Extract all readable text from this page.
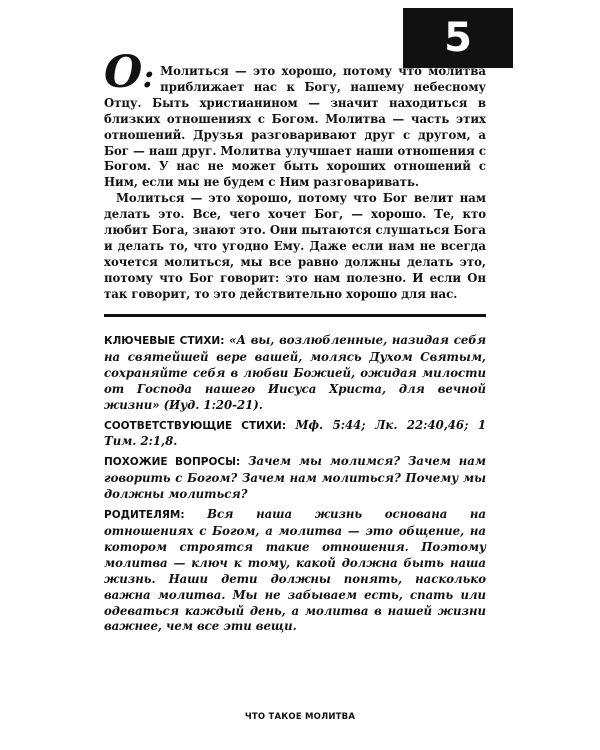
5
О: Молиться — это хорошо, потому что молитва приближает нас к Богу, нашему небесному Отцу. Быть христианином — значит находиться в близких отношениях с Богом. Молитва — часть этих отношений. Друзья разговаривают друг с другом, а Бог — наш друг. Молитва улучшает наши отношения с Богом. У нас не может быть хороших отношений с Ним, если мы не будем с Ним разговаривать.

Молиться — это хорошо, потому что Бог велит нам делать это. Все, чего хочет Бог, — хорошо. Те, кто любит Бога, знают это. Они пытаются слушаться Бога и делать то, что угодно Ему. Даже если нам не всегда хочется молиться, мы все равно должны делать это, потому что Бог говорит: это нам полезно. И если Он так говорит, то это действительно хорошо для нас.

КЛЮЧЕВЫЕ СТИХИ: «А вы, возлюбленные, назидая себя на святейшей вере вашей, молясь Духом Святым, сохраняйте себя в любви Божией, ожидая милости от Господа нашего Иисуса Христа, для вечной жизни» (Иуд. 1:20-21).

СООТВЕТСТВУЮЩИЕ СТИХИ: Мф. 5:44; Лк. 22:40,46; 1 Тим. 2:1,8.

ПОХОЖИЕ ВОПРОСЫ: Зачем мы молимся? Зачем нам говорить с Богом? Зачем нам молиться? Почему мы должны молиться?

РОДИТЕЛЯМ: Вся наша жизнь основана на отношениях с Богом, а молитва — это общение, на котором строятся такие отношения. Поэтому молитва — ключ к тому, какой должна быть наша жизнь. Наши дети должны понять, насколько важна молитва. Мы не забываем есть, спать или одеваться каждый день, а молитва в нашей жизни важнее, чем все эти вещи.

ЧТО ТАКОЕ МОЛИТВА
